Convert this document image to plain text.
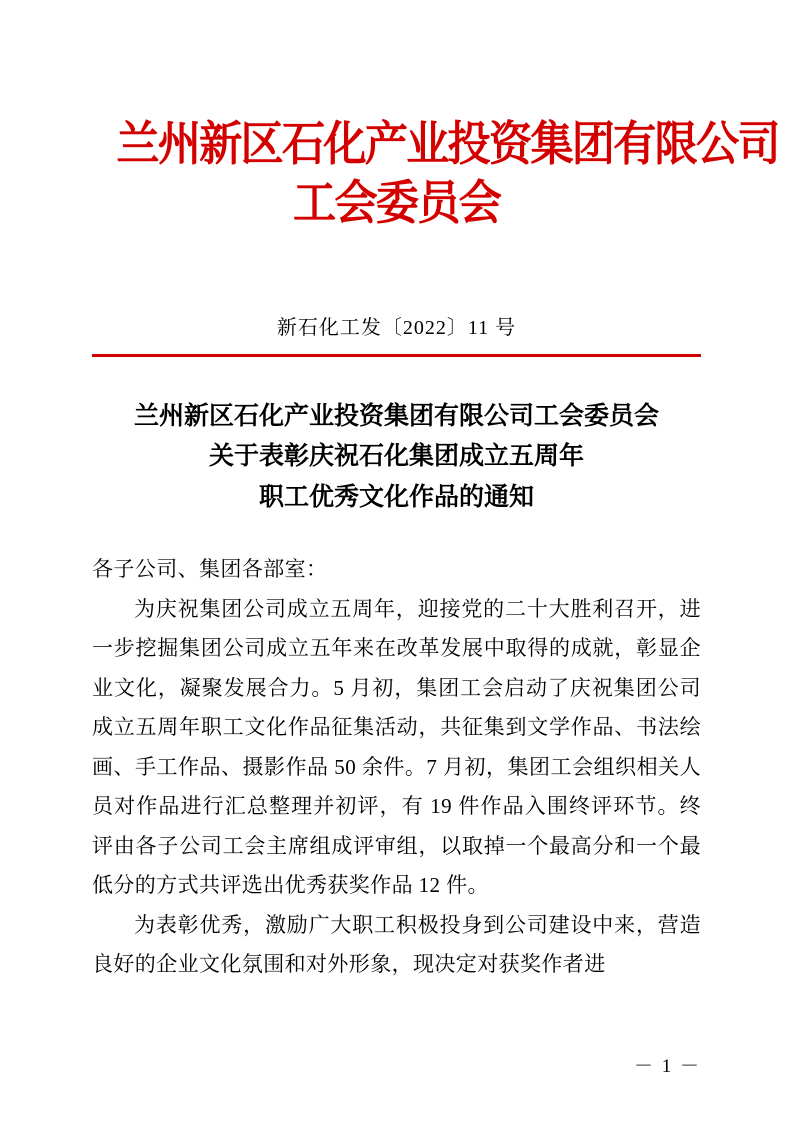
兰州新区石化产业投资集团有限公司
工会委员会
新石化工发〔2022〕11 号
兰州新区石化产业投资集团有限公司工会委员会
关于表彰庆祝石化集团成立五周年
职工优秀文化作品的通知

各子公司、集团各部室：

为庆祝集团公司成立五周年，迎接党的二十大胜利召开，进一步挖掘集团公司成立五年来在改革发展中取得的成就，彰显企业文化，凝聚发展合力。5 月初，集团工会启动了庆祝集团公司成立五周年职工文化作品征集活动，共征集到文学作品、书法绘画、手工作品、摄影作品 50 余件。7 月初，集团工会组织相关人员对作品进行汇总整理并初评，有 19 件作品入围终评环节。终评由各子公司工会主席组成评审组，以取掉一个最高分和一个最低分的方式共评选出优秀获奖作品 12 件。

为表彰优秀，激励广大职工积极投身到公司建设中来，营造良好的企业文化氛围和对外形象，现决定对获奖作者进

－ 1 －
